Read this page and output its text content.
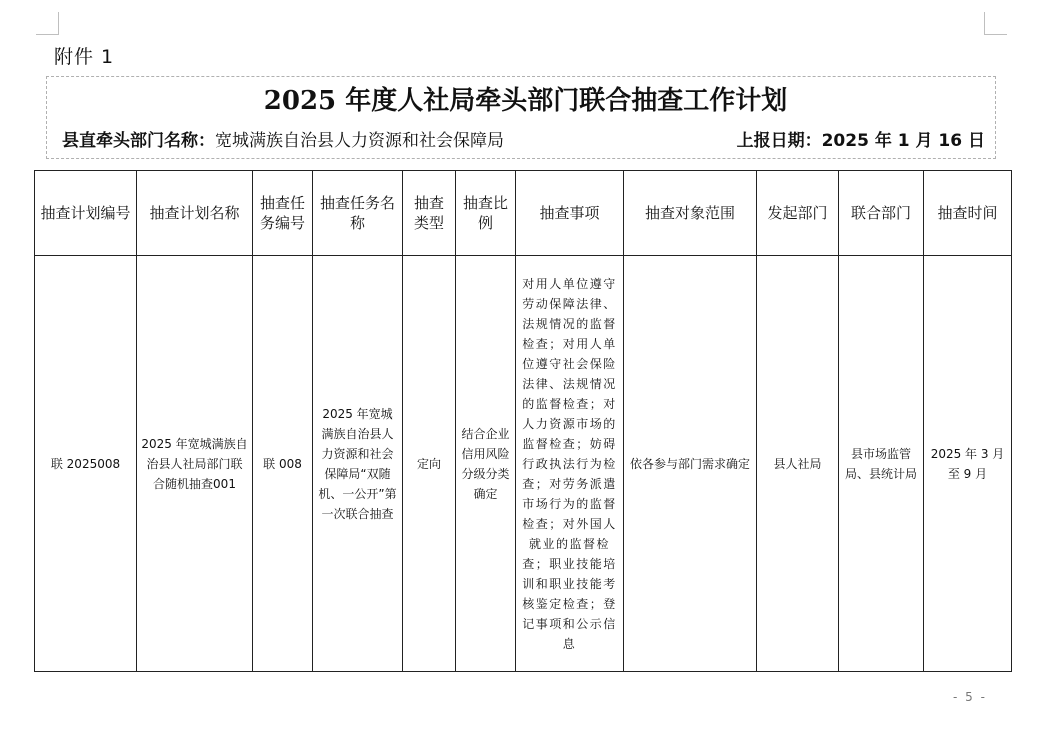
附件 1
2025 年度人社局牵头部门联合抽查工作计划
县直牵头部门名称：宽城满族自治县人力资源和社会保障局	上报日期：2025 年 1 月 16 日
抽查计划编号	抽查计划名称	抽查任务编号	抽查任务名称	抽查类型	抽查比例	抽查事项	抽查对象范围	发起部门	联合部门	抽查时间
联 2025008	2025 年宽城满族自治县人社局部门联合随机抽查001	联 008	2025 年宽城满族自治县人力资源和社会保障局“双随机、一公开”第一次联合抽查	定向	结合企业信用风险分级分类确定	对用人单位遵守劳动保障法律、法规情况的监督检查；对用人单位遵守社会保险法律、法规情况的监督检查；对人力资源市场的监督检查；妨碍行政执法行为检查；对劳务派遣市场行为的监督检查；对外国人就业的监督检查；职业技能培训和职业技能考核鉴定检查；登记事项和公示信息	依各参与部门需求确定	县人社局	县市场监管局、县统计局	2025 年 3 月至 9 月
- 5 -
